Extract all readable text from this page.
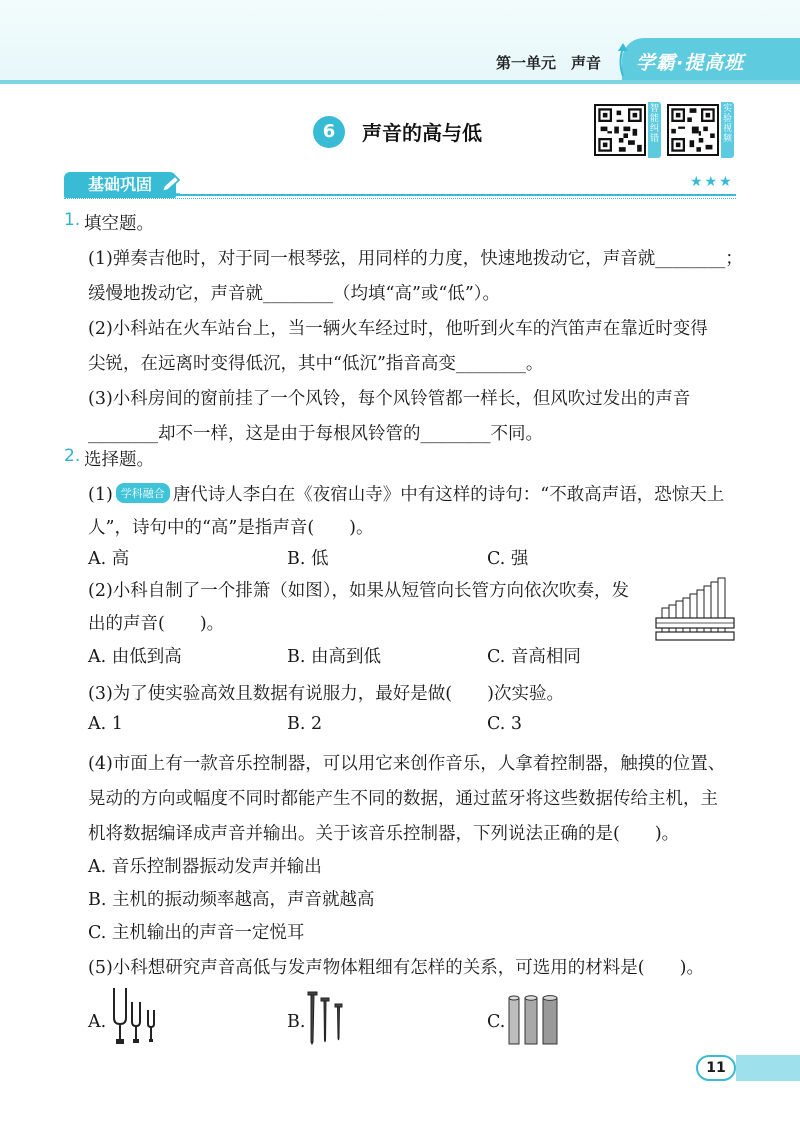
第一单元　声音 学霸·提高班
6	声音的高与低
智能纠错
实验视频
基础巩固	★★★
1. 填空题。
(1)弹奏吉他时，对于同一根琴弦，用同样的力度，快速地拨动它，声音就________；
缓慢地拨动它，声音就________（均填“高”或“低”）。
(2)小科站在火车站台上，当一辆火车经过时，他听到火车的汽笛声在靠近时变得
尖锐，在远离时变得低沉，其中“低沉”指音高变________。
(3)小科房间的窗前挂了一个风铃，每个风铃管都一样长，但风吹过发出的声音
________却不一样，这是由于每根风铃管的________不同。
2. 选择题。
(1) 学科融合 唐代诗人李白在《夜宿山寺》中有这样的诗句：“不敢高声语，恐惊天上
人”，诗句中的“高”是指声音(　　)。
A. 高	B. 低	C. 强
(2)小科自制了一个排箫（如图），如果从短管向长管方向依次吹奏，发
出的声音(　　)。
A. 由低到高	B. 由高到低	C. 音高相同
(3)为了使实验高效且数据有说服力，最好是做(　　)次实验。
A. 1	B. 2	C. 3
(4)市面上有一款音乐控制器，可以用它来创作音乐，人拿着控制器，触摸的位置、
晃动的方向或幅度不同时都能产生不同的数据，通过蓝牙将这些数据传给主机，主
机将数据编译成声音并输出。关于该音乐控制器，下列说法正确的是(　　)。
A. 音乐控制器振动发声并输出
B. 主机的振动频率越高，声音就越高
C. 主机输出的声音一定悦耳
(5)小科想研究声音高低与发声物体粗细有怎样的关系，可选用的材料是(　　)。
A.	B.	C.
11
